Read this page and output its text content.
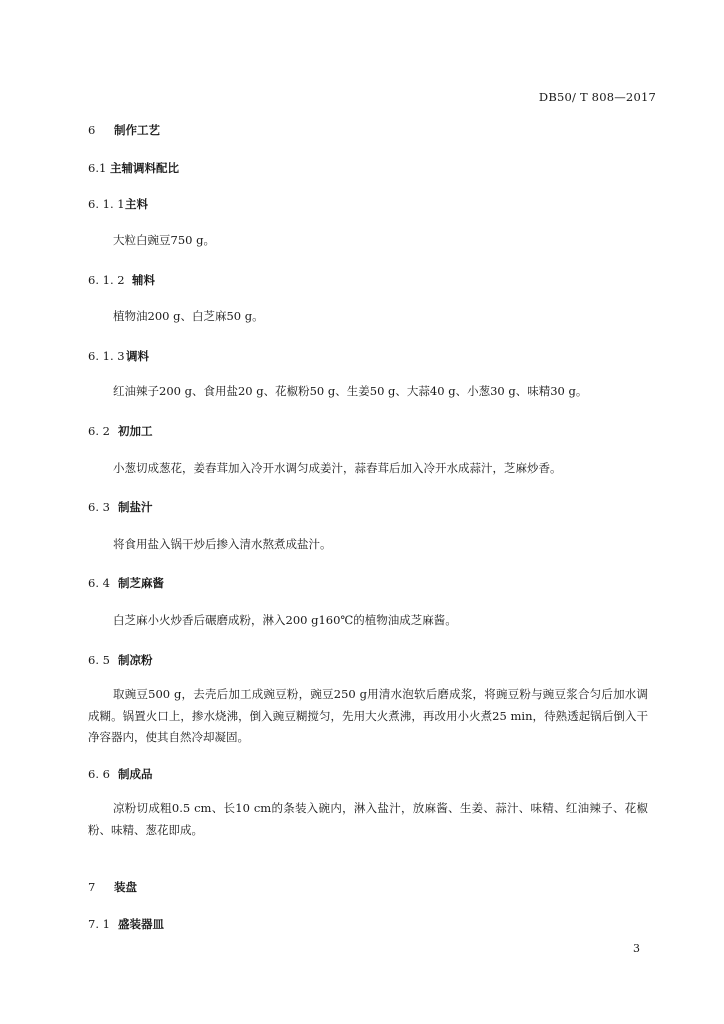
DB50/ T 808—2017
6 制作工艺
6.1 主辅调料配比
6. 1. 1主料

大粒白豌豆750 g。

6. 1. 2 辅料

植物油200 g、白芝麻50 g。

6. 1. 3调料

红油辣子200 g、食用盐20 g、花椒粉50 g、生姜50 g、大蒜40 g、小葱30 g、味精30 g。

6. 2 初加工

小葱切成葱花，姜舂茸加入冷开水调匀成姜汁，蒜舂茸后加入冷开水成蒜汁，芝麻炒香。

6. 3 制盐汁

将食用盐入锅干炒后掺入清水熬煮成盐汁。

6. 4 制芝麻酱

白芝麻小火炒香后碾磨成粉，淋入200 g160℃的植物油成芝麻酱。

6. 5 制凉粉

取豌豆500 g，去壳后加工成豌豆粉，豌豆250 g用清水泡软后磨成浆，将豌豆粉与豌豆浆合匀后加水调成糊。锅置火口上，掺水烧沸，倒入豌豆糊搅匀，先用大火煮沸，再改用小火煮25 min，待熟透起锅后倒入干净容器内，使其自然冷却凝固。

6. 6 制成品

凉粉切成粗0.5 cm、长10 cm的条装入碗内，淋入盐汁，放麻酱、生姜、蒜汁、味精、红油辣子、花椒粉、味精、葱花即成。

7 装盘
7. 1 盛装器皿
3
